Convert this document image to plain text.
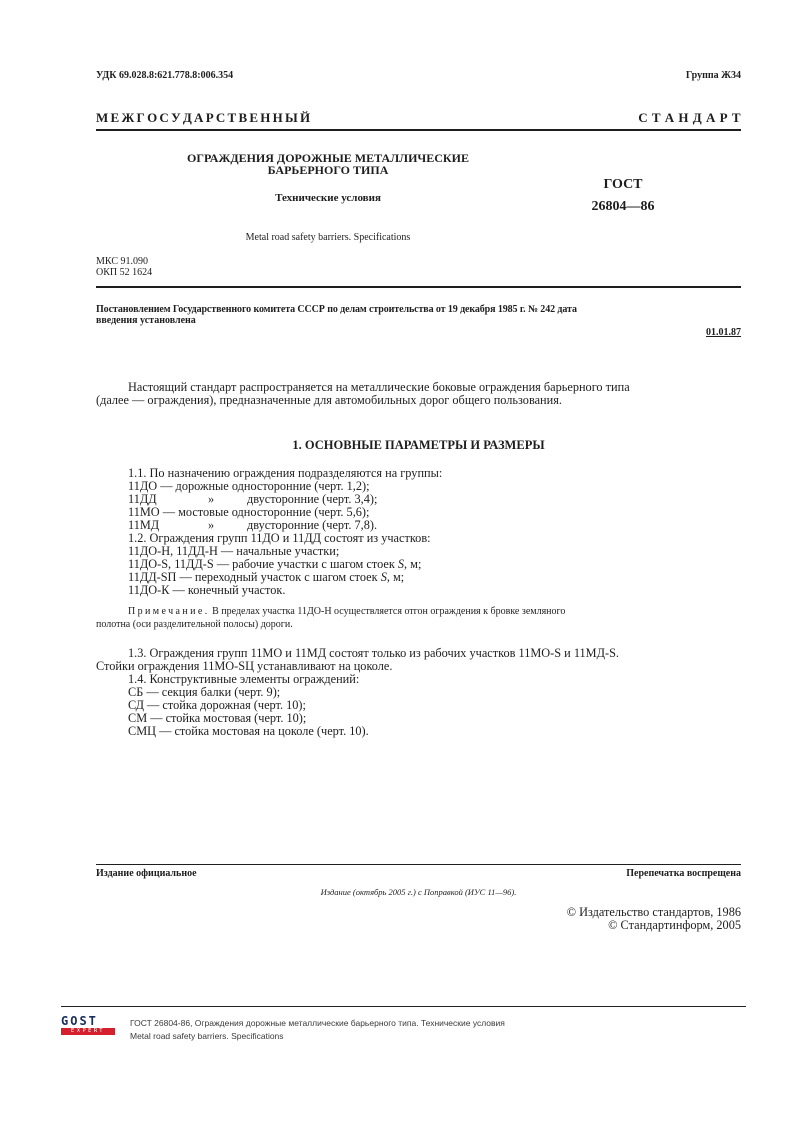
УДК 69.028.8:621.778.8:006.354	Группа Ж34
М Е Ж Г О С У Д А Р С Т В Е Н Н Ы Й	С Т А Н Д А Р Т
ОГРАЖДЕНИЯ ДОРОЖНЫЕ МЕТАЛЛИЧЕСКИЕ
БАРЬЕРНОГО ТИПА
Технические условия
ГОСТ
26804—86
Metal road safety barriers. Specifications
МКС 91.090
ОКП 52 1624
Постановлением Государственного комитета СССР по делам строительства от 19 декабря 1985 г. № 242 дата
введения установлена
01.01.87
Настоящий стандарт распространяется на металлические боковые ограждения барьерного типа
(далее — ограждения), предназначенные для автомобильных дорог общего пользования.
1. ОСНОВНЫЕ ПАРАМЕТРЫ И РАЗМЕРЫ
1.1. По назначению ограждения подразделяются на группы:
11ДО — дорожные односторонние (черт. 1,2);
11ДД	»	двусторонние (черт. 3,4);
11МО — мостовые односторонние (черт. 5,6);
11МД	»	двусторонние (черт. 7,8).
1.2. Ограждения групп 11ДО и 11ДД состоят из участков:
11ДО-Н, 11ДД-Н — начальные участки;
11ДО-S, 11ДД-S — рабочие участки с шагом стоек S, м;
11ДД-SП — переходный участок с шагом стоек S, м;
11ДО-К — конечный участок.
Примечание. В пределах участка 11ДО-Н осуществляется отгон ограждения к бровке земляного
полотна (оси разделительной полосы) дороги.
1.3. Ограждения групп 11МО и 11МД состоят только из рабочих участков 11МО-S и 11МД-S.
Стойки ограждения 11МО-SЦ устанавливают на цоколе.
1.4. Конструктивные элементы ограждений:
СБ — секция балки (черт. 9);
СД — стойка дорожная (черт. 10);
СМ — стойка мостовая (черт. 10);
СМЦ — стойка мостовая на цоколе (черт. 10).
Издание официальное	Перепечатка воспрещена
Издание (октябрь 2005 г.) с Поправкой (ИУС 11—96).
© Издательство стандартов, 1986
© Стандартинформ, 2005
GOST
EXPERT
ГОСТ 26804-86, Ограждения дорожные металлические барьерного типа. Технические условия
Metal road safety barriers. Specifications
